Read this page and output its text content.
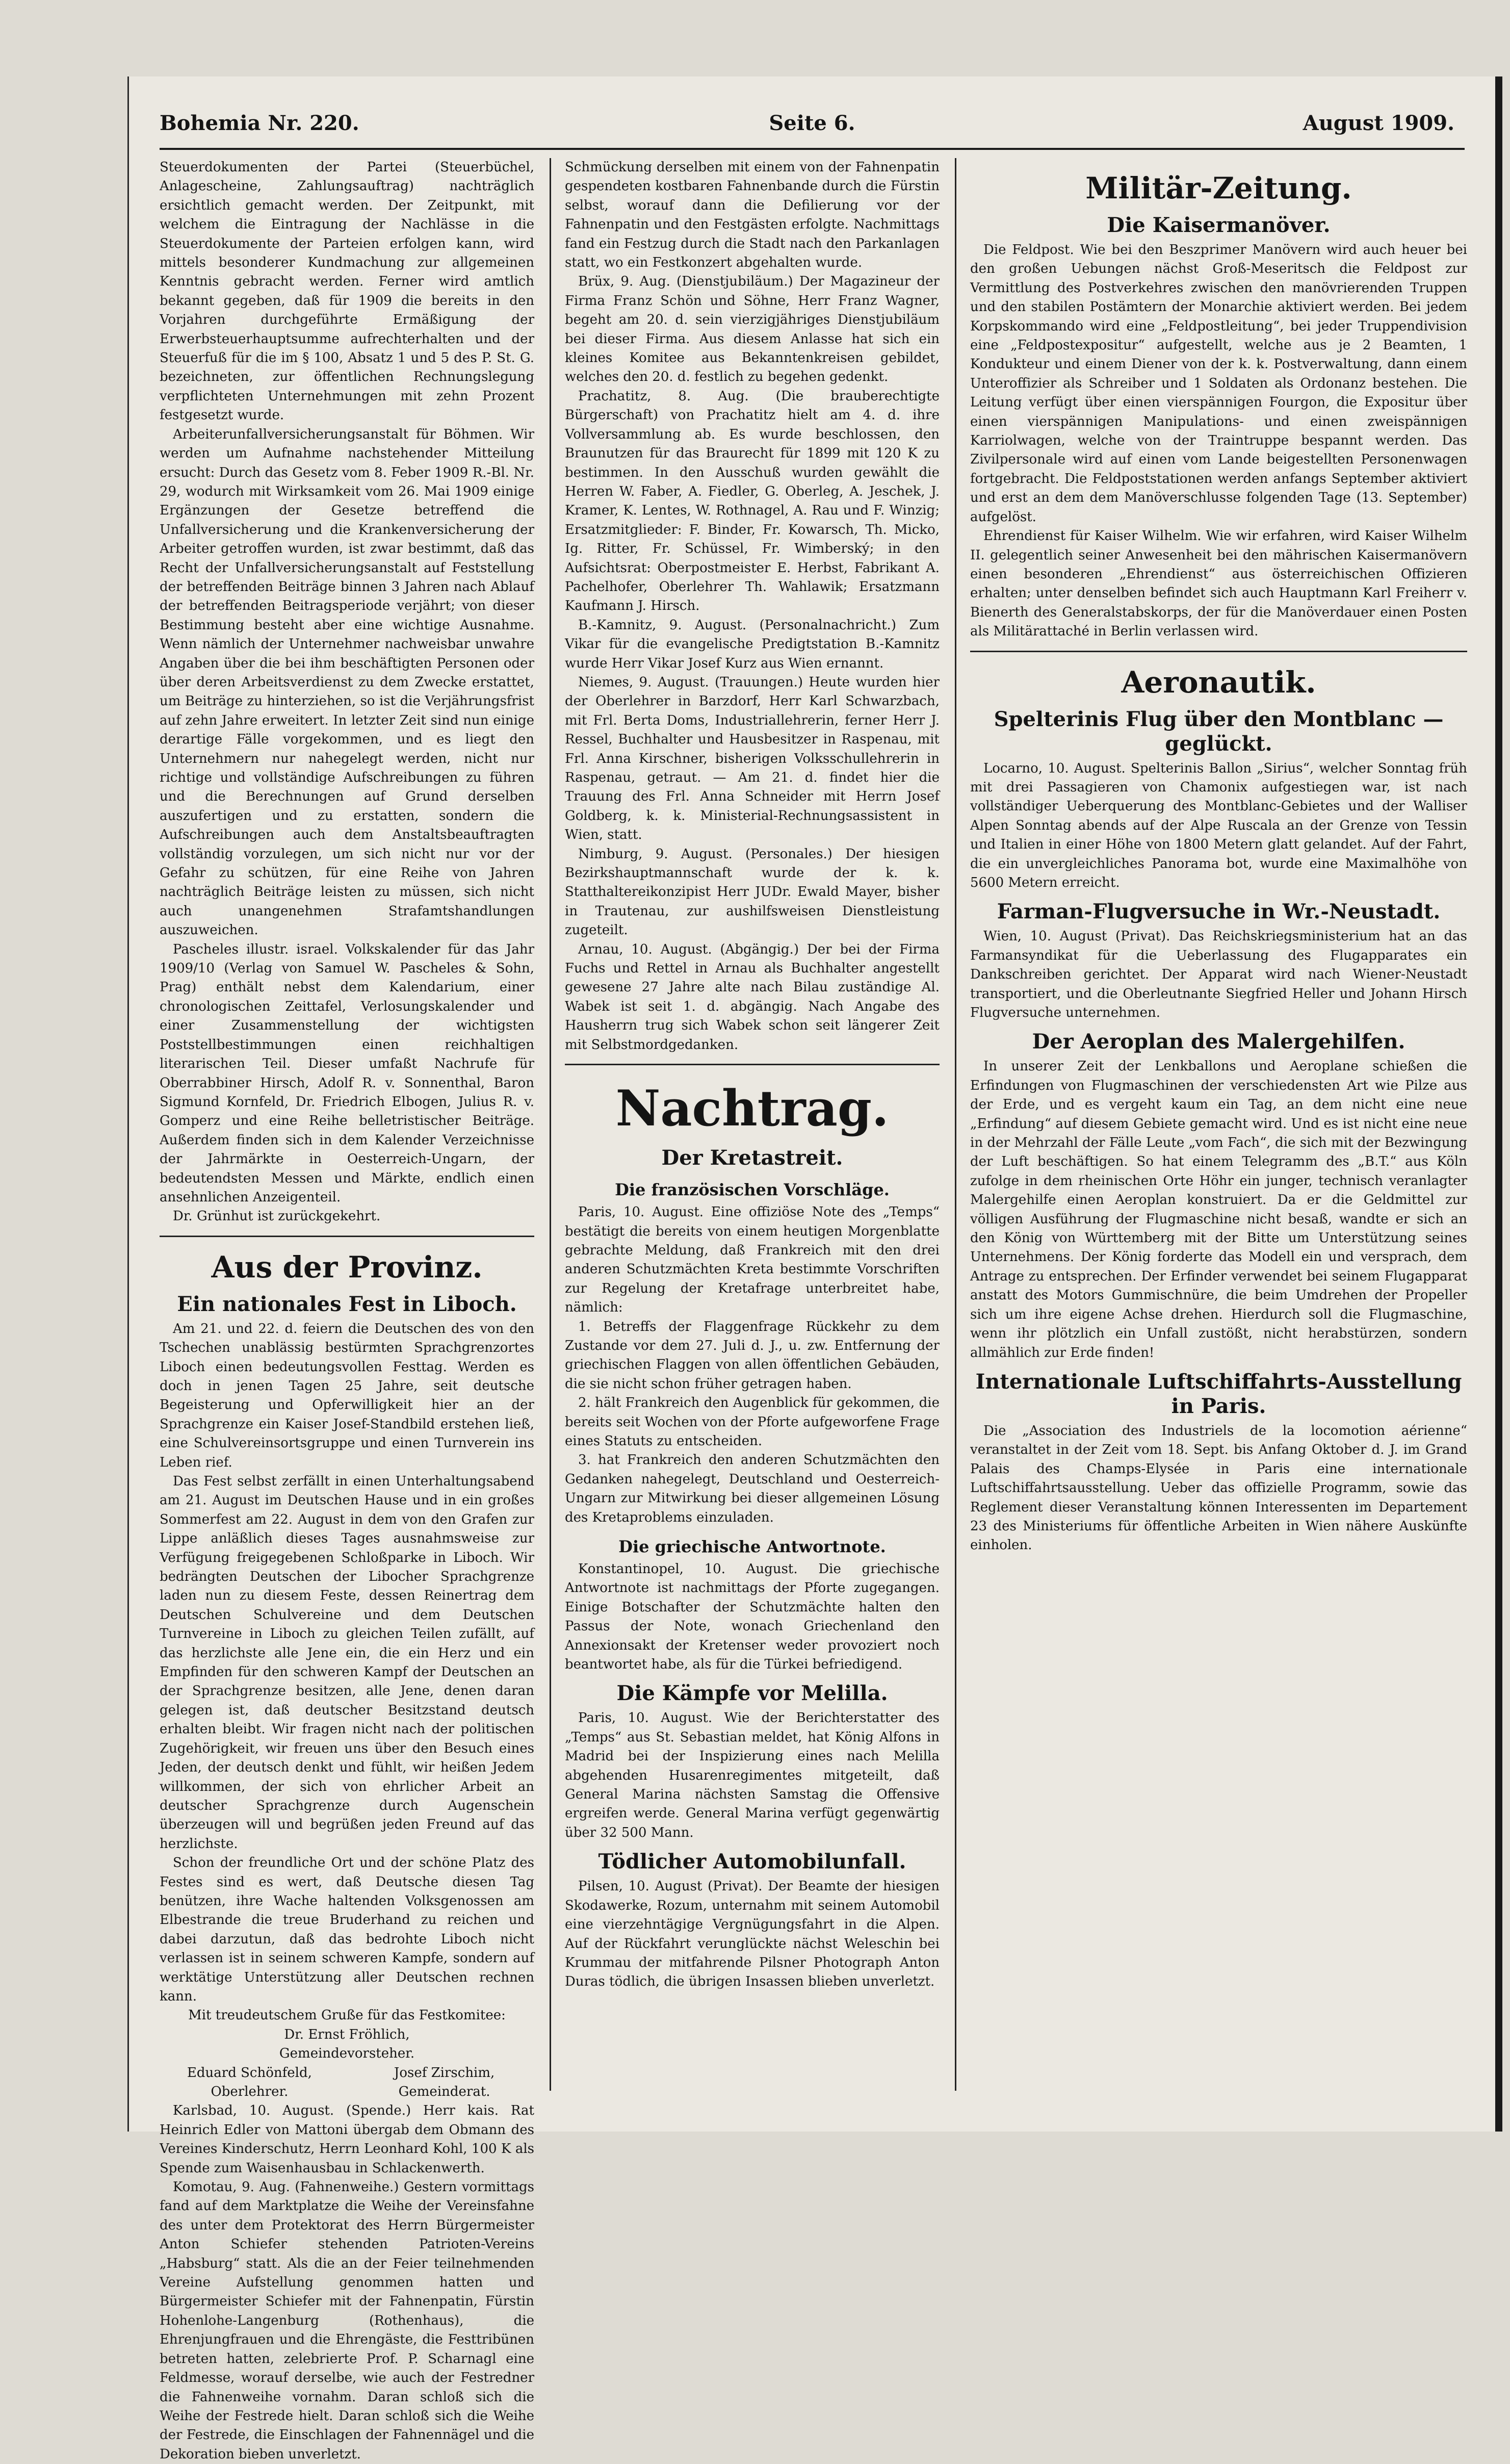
Bohemia Nr. 220.	Seite 6.	August 1909.

Steuerdokumenten der Partei (Steuerbüchel, Anlagescheine, Zahlungsauftrag) nachträglich ersichtlich gemacht werden. Der Zeitpunkt, mit welchem die Eintragung der Nachlässe in die Steuerdokumente der Parteien erfolgen kann, wird mittels besonderer Kundmachung zur allgemeinen Kenntnis gebracht werden. Ferner wird amtlich bekannt gegeben, daß für 1909 die bereits in den Vorjahren durchgeführte Ermäßigung der Erwerbsteuerhauptsumme aufrechterhalten und der Steuerfuß für die im § 100, Absatz 1 und 5 des P. St. G. bezeichneten, zur öffentlichen Rechnungslegung verpflichteten Unternehmungen mit zehn Prozent festgesetzt wurde.

Arbeiterunfallversicherungsanstalt für Böhmen. Wir werden um Aufnahme nachstehender Mitteilung ersucht: Durch das Gesetz vom 8. Feber 1909 R.-Bl. Nr. 29, wodurch mit Wirksamkeit vom 26. Mai 1909 einige Ergänzungen der Gesetze betreffend die Unfallversicherung und die Krankenversicherung der Arbeiter getroffen wurden, ist zwar bestimmt, daß das Recht der Unfallversicherungsanstalt auf Feststellung der betreffenden Beiträge binnen 3 Jahren nach Ablauf der betreffenden Beitragsperiode verjährt; von dieser Bestimmung besteht aber eine wichtige Ausnahme. Wenn nämlich der Unternehmer nachweisbar unwahre Angaben über die bei ihm beschäftigten Personen oder über deren Arbeitsverdienst zu dem Zwecke erstattet, um Beiträge zu hinterziehen, so ist die Verjährungsfrist auf zehn Jahre erweitert. In letzter Zeit sind nun einige derartige Fälle vorgekommen, und es liegt den Unternehmern nur nahegelegt werden, nicht nur richtige und vollständige Aufschreibungen zu führen und die Berechnungen auf Grund derselben auszufertigen und zu erstatten, sondern die Aufschreibungen auch dem Anstaltsbeauftragten vollständig vorzulegen, um sich nicht nur vor der Gefahr zu schützen, für eine Reihe von Jahren nachträglich Beiträge leisten zu müssen, sich nicht auch unangenehmen Strafamtshandlungen auszuweichen.

Pascheles illustr. israel. Volkskalender für das Jahr 1909/10 (Verlag von Samuel W. Pascheles & Sohn, Prag) enthält nebst dem Kalendarium, einer chronologischen Zeittafel, Verlosungskalender und einer Zusammenstellung der wichtigsten Poststellbestimmungen einen reichhaltigen literarischen Teil. Dieser umfaßt Nachrufe für Oberrabbiner Hirsch, Adolf R. v. Sonnenthal, Baron Sigmund Kornfeld, Dr. Friedrich Elbogen, Julius R. v. Gomperz und eine Reihe belletristischer Beiträge. Außerdem finden sich in dem Kalender Verzeichnisse der Jahrmärkte in Oesterreich-Ungarn, der bedeutendsten Messen und Märkte, endlich einen ansehnlichen Anzeigenteil.

Dr. Grünhut ist zurückgekehrt.

Aus der Provinz.
Ein nationales Fest in Liboch.

Am 21. und 22. d. feiern die Deutschen des von den Tschechen unablässig bestürmten Sprachgrenzortes Liboch einen bedeutungsvollen Festtag. Werden es doch in jenen Tagen 25 Jahre, seit deutsche Begeisterung und Opferwilligkeit hier an der Sprachgrenze ein Kaiser Josef-Standbild erstehen ließ, eine Schulvereinsortsgruppe und einen Turnverein ins Leben rief.

Das Fest selbst zerfällt in einen Unterhaltungsabend am 21. August im Deutschen Hause und in ein großes Sommerfest am 22. August in dem von den Grafen zur Lippe anläßlich dieses Tages ausnahmsweise zur Verfügung freigegebenen Schloßparke in Liboch. Wir bedrängten Deutschen der Libocher Sprachgrenze laden nun zu diesem Feste, dessen Reinertrag dem Deutschen Schulvereine und dem Deutschen Turnvereine in Liboch zu gleichen Teilen zufällt, auf das herzlichste alle Jene ein, die ein Herz und ein Empfinden für den schweren Kampf der Deutschen an der Sprachgrenze besitzen, alle Jene, denen daran gelegen ist, daß deutscher Besitzstand deutsch erhalten bleibt. Wir fragen nicht nach der politischen Zugehörigkeit, wir freuen uns über den Besuch eines Jeden, der deutsch denkt und fühlt, wir heißen Jedem willkommen, der sich von ehrlicher Arbeit an deutscher Sprachgrenze durch Augenschein überzeugen will und begrüßen jeden Freund auf das herzlichste.

Schon der freundliche Ort und der schöne Platz des Festes sind es wert, daß Deutsche diesen Tag benützen, ihre Wache haltenden Volksgenossen am Elbestrande die treue Bruderhand zu reichen und dabei darzutun, daß das bedrohte Liboch nicht verlassen ist in seinem schweren Kampfe, sondern auf werktätige Unterstützung aller Deutschen rechnen kann.

Mit treudeutschem Gruße für das Festkomitee:

Dr. Ernst Fröhlich,

Gemeindevorsteher.

Eduard Schönfeld, Oberlehrer.
Josef Zirschim, Gemeinderat.

Karlsbad, 10. August. (Spende.) Herr kais. Rat Heinrich Edler von Mattoni übergab dem Obmann des Vereines Kinderschutz, Herrn Leonhard Kohl, 100 K als Spende zum Waisenhausbau in Schlackenwerth.

Komotau, 9. Aug. (Fahnenweihe.) Gestern vormittags fand auf dem Marktplatze die Weihe der Vereinsfahne des unter dem Protektorat des Herrn Bürgermeister Anton Schiefer stehenden Patrioten-Vereins „Habsburg“ statt. Als die an der Feier teilnehmenden Vereine Aufstellung genommen hatten und Bürgermeister Schiefer mit der Fahnenpatin, Fürstin Hohenlohe-Langenburg (Rothenhaus), die Ehrenjungfrauen und die Ehrengäste, die Festtribünen betreten hatten, zelebrierte Prof. P. Scharnagl eine Feldmesse, worauf derselbe, wie auch der Festredner die Fahnenweihe vornahm. Daran schloß sich die Weihe der Festrede hielt. Daran schloß sich die Weihe der Festrede, die Einschlagen der Fahnennägel und die Dekoration bieben unverletzt.

Schmückung derselben mit einem von der Fahnenpatin gespendeten kostbaren Fahnenbande durch die Fürstin selbst, worauf dann die Defilierung vor der Fahnenpatin und den Festgästen erfolgte. Nachmittags fand ein Festzug durch die Stadt nach den Parkanlagen statt, wo ein Festkonzert abgehalten wurde.

Brüx, 9. Aug. (Dienstjubiläum.) Der Magazineur der Firma Franz Schön und Söhne, Herr Franz Wagner, begeht am 20. d. sein vierzigjähriges Dienstjubiläum bei dieser Firma. Aus diesem Anlasse hat sich ein kleines Komitee aus Bekanntenkreisen gebildet, welches den 20. d. festlich zu begehen gedenkt.

Prachatitz, 8. Aug. (Die brauberechtigte Bürgerschaft) von Prachatitz hielt am 4. d. ihre Vollversammlung ab. Es wurde beschlossen, den Braunutzen für das Braurecht für 1899 mit 120 K zu bestimmen. In den Ausschuß wurden gewählt die Herren W. Faber, A. Fiedler, G. Oberleg, A. Jeschek, J. Kramer, K. Lentes, W. Rothnagel, A. Rau und F. Winzig; Ersatzmitglieder: F. Binder, Fr. Kowarsch, Th. Micko, Ig. Ritter, Fr. Schüssel, Fr. Wimberský; in den Aufsichtsrat: Oberpostmeister E. Herbst, Fabrikant A. Pachelhofer, Oberlehrer Th. Wahlawik; Ersatzmann Kaufmann J. Hirsch.

B.-Kamnitz, 9. August. (Personalnachricht.) Zum Vikar für die evangelische Predigtstation B.-Kamnitz wurde Herr Vikar Josef Kurz aus Wien ernannt.

Niemes, 9. August. (Trauungen.) Heute wurden hier der Oberlehrer in Barzdorf, Herr Karl Schwarzbach, mit Frl. Berta Doms, Industriallehrerin, ferner Herr J. Ressel, Buchhalter und Hausbesitzer in Raspenau, mit Frl. Anna Kirschner, bisherigen Volksschullehrerin in Raspenau, getraut. — Am 21. d. findet hier die Trauung des Frl. Anna Schneider mit Herrn Josef Goldberg, k. k. Ministerial-Rechnungsassistent in Wien, statt.

Nimburg, 9. August. (Personales.) Der hiesigen Bezirkshauptmannschaft wurde der k. k. Statthaltereikonzipist Herr JUDr. Ewald Mayer, bisher in Trautenau, zur aushilfsweisen Dienstleistung zugeteilt.

Arnau, 10. August. (Abgängig.) Der bei der Firma Fuchs und Rettel in Arnau als Buchhalter angestellt gewesene 27 Jahre alte nach Bilau zuständige Al. Wabek ist seit 1. d. abgängig. Nach Angabe des Hausherrn trug sich Wabek schon seit längerer Zeit mit Selbstmordgedanken.

Nachtrag.
Der Kretastreit.
Die französischen Vorschläge.

Paris, 10. August. Eine offiziöse Note des „Temps“ bestätigt die bereits von einem heutigen Morgenblatte gebrachte Meldung, daß Frankreich mit den drei anderen Schutzmächten Kreta bestimmte Vorschriften zur Regelung der Kretafrage unterbreitet habe, nämlich:

1. Betreffs der Flaggenfrage Rückkehr zu dem Zustande vor dem 27. Juli d. J., u. zw. Entfernung der griechischen Flaggen von allen öffentlichen Gebäuden, die sie nicht schon früher getragen haben.

2. hält Frankreich den Augenblick für gekommen, die bereits seit Wochen von der Pforte aufgeworfene Frage eines Statuts zu entscheiden.

3. hat Frankreich den anderen Schutzmächten den Gedanken nahegelegt, Deutschland und Oesterreich-Ungarn zur Mitwirkung bei dieser allgemeinen Lösung des Kretaproblems einzuladen.

Die griechische Antwortnote.

Konstantinopel, 10. August. Die griechische Antwortnote ist nachmittags der Pforte zugegangen. Einige Botschafter der Schutzmächte halten den Passus der Note, wonach Griechenland den Annexionsakt der Kretenser weder provoziert noch beantwortet habe, als für die Türkei befriedigend.

Die Kämpfe vor Melilla.

Paris, 10. August. Wie der Berichterstatter des „Temps“ aus St. Sebastian meldet, hat König Alfons in Madrid bei der Inspizierung eines nach Melilla abgehenden Husarenregimentes mitgeteilt, daß General Marina nächsten Samstag die Offensive ergreifen werde. General Marina verfügt gegenwärtig über 32 500 Mann.

Tödlicher Automobilunfall.

Pilsen, 10. August (Privat). Der Beamte der hiesigen Skodawerke, Rozum, unternahm mit seinem Automobil eine vierzehntägige Vergnügungsfahrt in die Alpen. Auf der Rückfahrt verunglückte nächst Weleschin bei Krummau der mitfahrende Pilsner Photograph Anton Duras tödlich, die übrigen Insassen blieben unverletzt.

Militär-Zeitung.
Die Kaisermanöver.

Die Feldpost. Wie bei den Beszprimer Manövern wird auch heuer bei den großen Uebungen nächst Groß-Meseritsch die Feldpost zur Vermittlung des Postverkehres zwischen den manövrierenden Truppen und den stabilen Postämtern der Monarchie aktiviert werden. Bei jedem Korpskommando wird eine „Feldpostleitung“, bei jeder Truppendivision eine „Feldpostexpositur“ aufgestellt, welche aus je 2 Beamten, 1 Kondukteur und einem Diener von der k. k. Postverwaltung, dann einem Unteroffizier als Schreiber und 1 Soldaten als Ordonanz bestehen. Die Leitung verfügt über einen vierspännigen Fourgon, die Expositur über einen vierspännigen Manipulations- und einen zweispännigen Karriolwagen, welche von der Traintruppe bespannt werden. Das Zivilpersonale wird auf einen vom Lande beigestellten Personenwagen fortgebracht. Die Feldpoststationen werden anfangs September aktiviert und erst an dem dem Manöverschlusse folgenden Tage (13. September) aufgelöst.

Ehrendienst für Kaiser Wilhelm. Wie wir erfahren, wird Kaiser Wilhelm II. gelegentlich seiner Anwesenheit bei den mährischen Kaisermanövern einen besonderen „Ehrendienst“ aus österreichischen Offizieren erhalten; unter denselben befindet sich auch Hauptmann Karl Freiherr v. Bienerth des Generalstabskorps, der für die Manöverdauer einen Posten als Militärattaché in Berlin verlassen wird.

Aeronautik.
Spelterinis Flug über den Montblanc — geglückt.

Locarno, 10. August. Spelterinis Ballon „Sirius“, welcher Sonntag früh mit drei Passagieren von Chamonix aufgestiegen war, ist nach vollständiger Ueberquerung des Montblanc-Gebietes und der Walliser Alpen Sonntag abends auf der Alpe Ruscala an der Grenze von Tessin und Italien in einer Höhe von 1800 Metern glatt gelandet. Auf der Fahrt, die ein unvergleichliches Panorama bot, wurde eine Maximalhöhe von 5600 Metern erreicht.

Farman-Flugversuche in Wr.-Neustadt.

Wien, 10. August (Privat). Das Reichskriegsministerium hat an das Farmansyndikat für die Ueberlassung des Flugapparates ein Dankschreiben gerichtet. Der Apparat wird nach Wiener-Neustadt transportiert, und die Oberleutnante Siegfried Heller und Johann Hirsch Flugversuche unternehmen.

Der Aeroplan des Malergehilfen.

In unserer Zeit der Lenkballons und Aeroplane schießen die Erfindungen von Flugmaschinen der verschiedensten Art wie Pilze aus der Erde, und es vergeht kaum ein Tag, an dem nicht eine neue „Erfindung“ auf diesem Gebiete gemacht wird. Und es ist nicht eine neue in der Mehrzahl der Fälle Leute „vom Fach“, die sich mit der Bezwingung der Luft beschäftigen. So hat einem Telegramm des „B.T.“ aus Köln zufolge in dem rheinischen Orte Höhr ein junger, technisch veranlagter Malergehilfe einen Aeroplan konstruiert. Da er die Geldmittel zur völligen Ausführung der Flugmaschine nicht besaß, wandte er sich an den König von Württemberg mit der Bitte um Unterstützung seines Unternehmens. Der König forderte das Modell ein und versprach, dem Antrage zu entsprechen. Der Erfinder verwendet bei seinem Flugapparat anstatt des Motors Gummischnüre, die beim Umdrehen der Propeller sich um ihre eigene Achse drehen. Hierdurch soll die Flugmaschine, wenn ihr plötzlich ein Unfall zustößt, nicht herabstürzen, sondern allmählich zur Erde finden!

Internationale Luftschiffahrts-Ausstellung in Paris.

Die „Association des Industriels de la locomotion aérienne“ veranstaltet in der Zeit vom 18. Sept. bis Anfang Oktober d. J. im Grand Palais des Champs-Elysée in Paris eine internationale Luftschiffahrtsausstellung. Ueber das offizielle Programm, sowie das Reglement dieser Veranstaltung können Interessenten im Departement 23 des Ministeriums für öffentliche Arbeiten in Wien nähere Auskünfte einholen.
